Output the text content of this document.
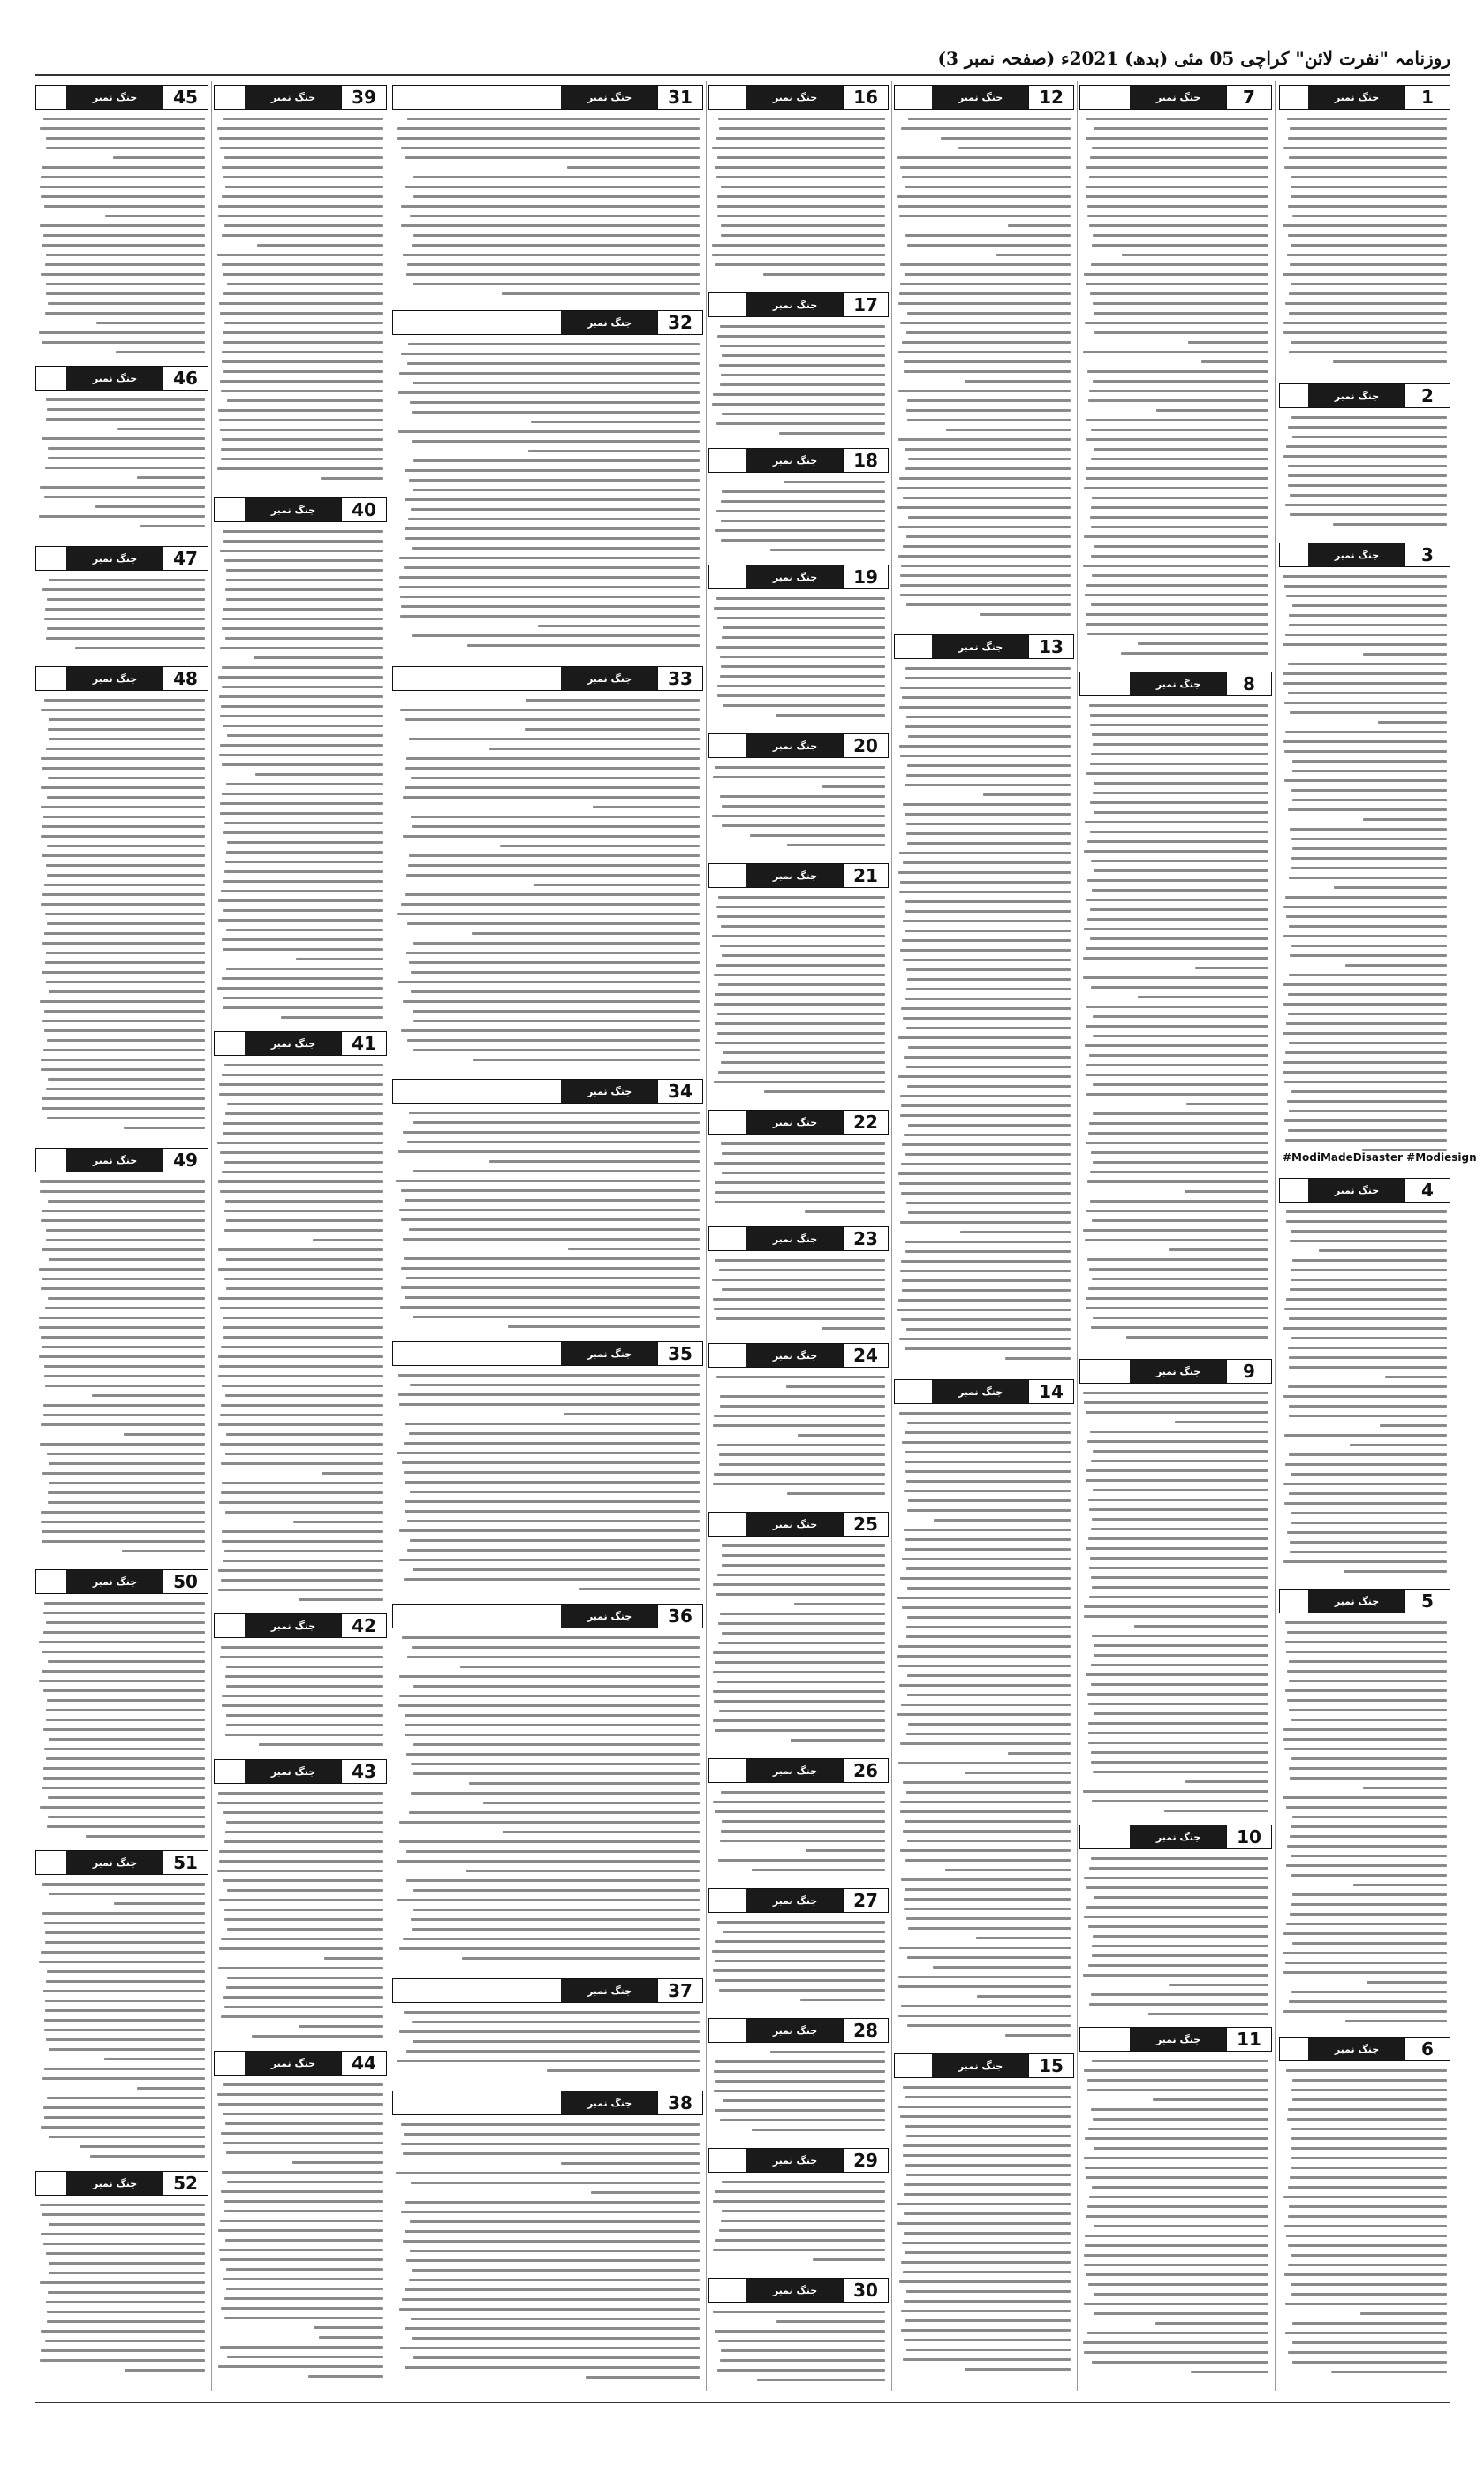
روزنامہ "نفرت لائن" کراچی 05 مئی (بدھ) 2021ء (صفحہ نمبر 3)
جنگ نمبر	1
جنگ نمبر	2
جنگ نمبر	3
#ModiMadeDisaster #Modiesign
جنگ نمبر	4
جنگ نمبر	5
جنگ نمبر	6
جنگ نمبر	7
جنگ نمبر	8
جنگ نمبر	9
جنگ نمبر	10
جنگ نمبر	11
جنگ نمبر	12
جنگ نمبر	13
جنگ نمبر	14
جنگ نمبر	15
جنگ نمبر	16
جنگ نمبر	17
جنگ نمبر	18
جنگ نمبر	19
جنگ نمبر	20
جنگ نمبر	21
جنگ نمبر	22
جنگ نمبر	23
جنگ نمبر	24
جنگ نمبر	25
جنگ نمبر	26
جنگ نمبر	27
جنگ نمبر	28
جنگ نمبر	29
جنگ نمبر	30
جنگ نمبر	31
جنگ نمبر	32
جنگ نمبر	33
جنگ نمبر	34
جنگ نمبر	35
جنگ نمبر	36
جنگ نمبر	37
جنگ نمبر	38
جنگ نمبر	39
جنگ نمبر	40
جنگ نمبر	41
جنگ نمبر	42
جنگ نمبر	43
جنگ نمبر	44
جنگ نمبر	45
جنگ نمبر	46
جنگ نمبر	47
جنگ نمبر	48
جنگ نمبر	49
جنگ نمبر	50
جنگ نمبر	51
جنگ نمبر	52
